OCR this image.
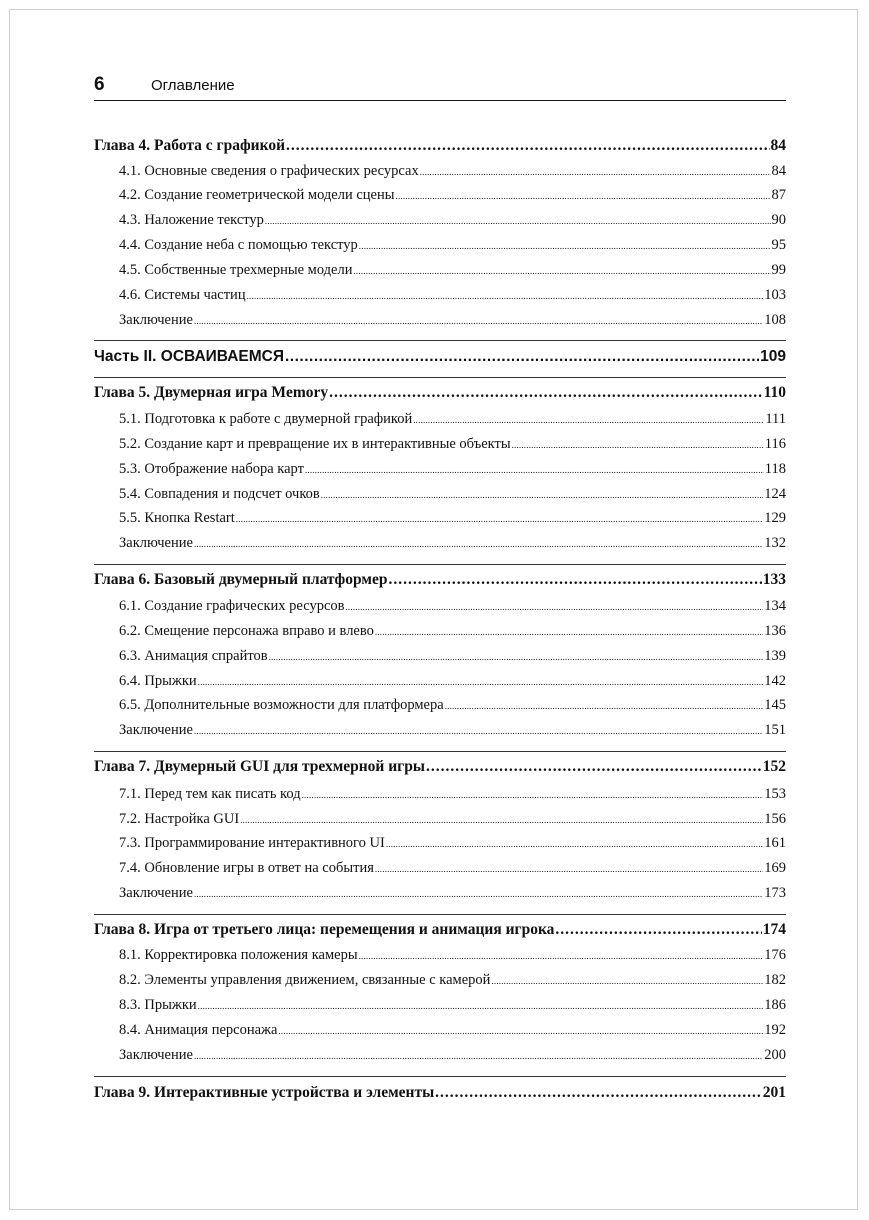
6	Оглавление
Глава 4. Работа с графикой .....	84
4.1. Основные сведения о графических ресурсах .....	84
4.2. Создание геометрической модели сцены .....	87
4.3. Наложение текстур .....	90
4.4. Создание неба с помощью текстур .....	95
4.5. Собственные трехмерные модели .....	99
4.6. Системы частиц .....	103
Заключение .....	108
Часть II. ОСВАИВАЕМСЯ .....	109
Глава 5. Двумерная игра Memory .....	110
5.1. Подготовка к работе с двумерной графикой .....	111
5.2. Создание карт и превращение их в интерактивные объекты .....	116
5.3. Отображение набора карт .....	118
5.4. Совпадения и подсчет очков .....	124
5.5. Кнопка Restart .....	129
Заключение .....	132
Глава 6. Базовый двумерный платформер .....	133
6.1. Создание графических ресурсов .....	134
6.2. Смещение персонажа вправо и влево .....	136
6.3. Анимация спрайтов .....	139
6.4. Прыжки .....	142
6.5. Дополнительные возможности для платформера .....	145
Заключение .....	151
Глава 7. Двумерный GUI для трехмерной игры .....	152
7.1. Перед тем как писать код .....	153
7.2. Настройка GUI .....	156
7.3. Программирование интерактивного UI .....	161
7.4. Обновление игры в ответ на события .....	169
Заключение .....	173
Глава 8. Игра от третьего лица: перемещения и анимация игрока .....	174
8.1. Корректировка положения камеры .....	176
8.2. Элементы управления движением, связанные с камерой .....	182
8.3. Прыжки .....	186
8.4. Анимация персонажа .....	192
Заключение .....	200
Глава 9. Интерактивные устройства и элементы .....	201
